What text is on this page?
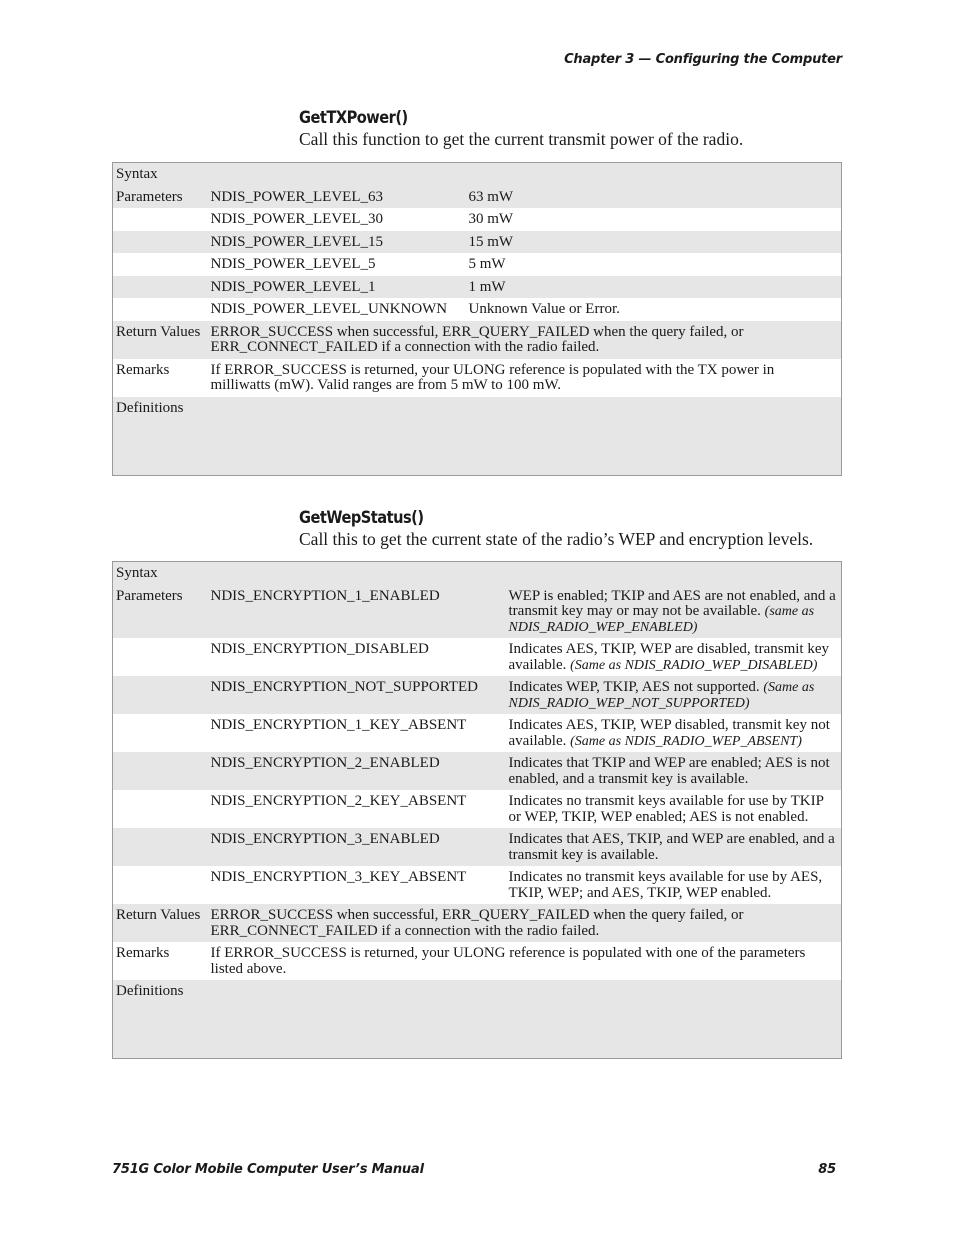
Chapter 3 — Configuring the Computer
GetTXPower()
Call this function to get the current transmit power of the radio.
Syntax		
Parameters	NDIS_POWER_LEVEL_63	63 mW
	NDIS_POWER_LEVEL_30	30 mW
	NDIS_POWER_LEVEL_15	15 mW
	NDIS_POWER_LEVEL_5	5 mW
	NDIS_POWER_LEVEL_1	1 mW
	NDIS_POWER_LEVEL_UNKNOWN	Unknown Value or Error.
Return Values	ERROR_SUCCESS when successful, ERR_QUERY_FAILED when the query failed, or ERR_CONNECT_FAILED if a connection with the radio failed.	
Remarks	If ERROR_SUCCESS is returned, your ULONG reference is populated with the TX power in milliwatts (mW). Valid ranges are from 5 mW to 100 mW.	
Definitions		
GetWepStatus()
Call this to get the current state of the radio’s WEP and encryption levels.
Syntax		
Parameters	NDIS_ENCRYPTION_1_ENABLED	WEP is enabled; TKIP and AES are not enabled, and a transmit key may or may not be available. (same as NDIS_RADIO_WEP_ENABLED)
	NDIS_ENCRYPTION_DISABLED	Indicates AES, TKIP, WEP are disabled, transmit key available. (Same as NDIS_RADIO_WEP_DISABLED)
	NDIS_ENCRYPTION_NOT_SUPPORTED	Indicates WEP, TKIP, AES not supported. (Same as NDIS_RADIO_WEP_NOT_SUPPORTED)
	NDIS_ENCRYPTION_1_KEY_ABSENT	Indicates AES, TKIP, WEP disabled, transmit key not available. (Same as NDIS_RADIO_WEP_ABSENT)
	NDIS_ENCRYPTION_2_ENABLED	Indicates that TKIP and WEP are enabled; AES is not enabled, and a transmit key is available.
	NDIS_ENCRYPTION_2_KEY_ABSENT	Indicates no transmit keys available for use by TKIP or WEP, TKIP, WEP enabled; AES is not enabled.
	NDIS_ENCRYPTION_3_ENABLED	Indicates that AES, TKIP, and WEP are enabled, and a transmit key is available.
	NDIS_ENCRYPTION_3_KEY_ABSENT	Indicates no transmit keys available for use by AES, TKIP, WEP; and AES, TKIP, WEP enabled.
Return Values	ERROR_SUCCESS when successful, ERR_QUERY_FAILED when the query failed, or ERR_CONNECT_FAILED if a connection with the radio failed.	
Remarks	If ERROR_SUCCESS is returned, your ULONG reference is populated with one of the parameters listed above.	
Definitions		
751G Color Mobile Computer User’s Manual	85
